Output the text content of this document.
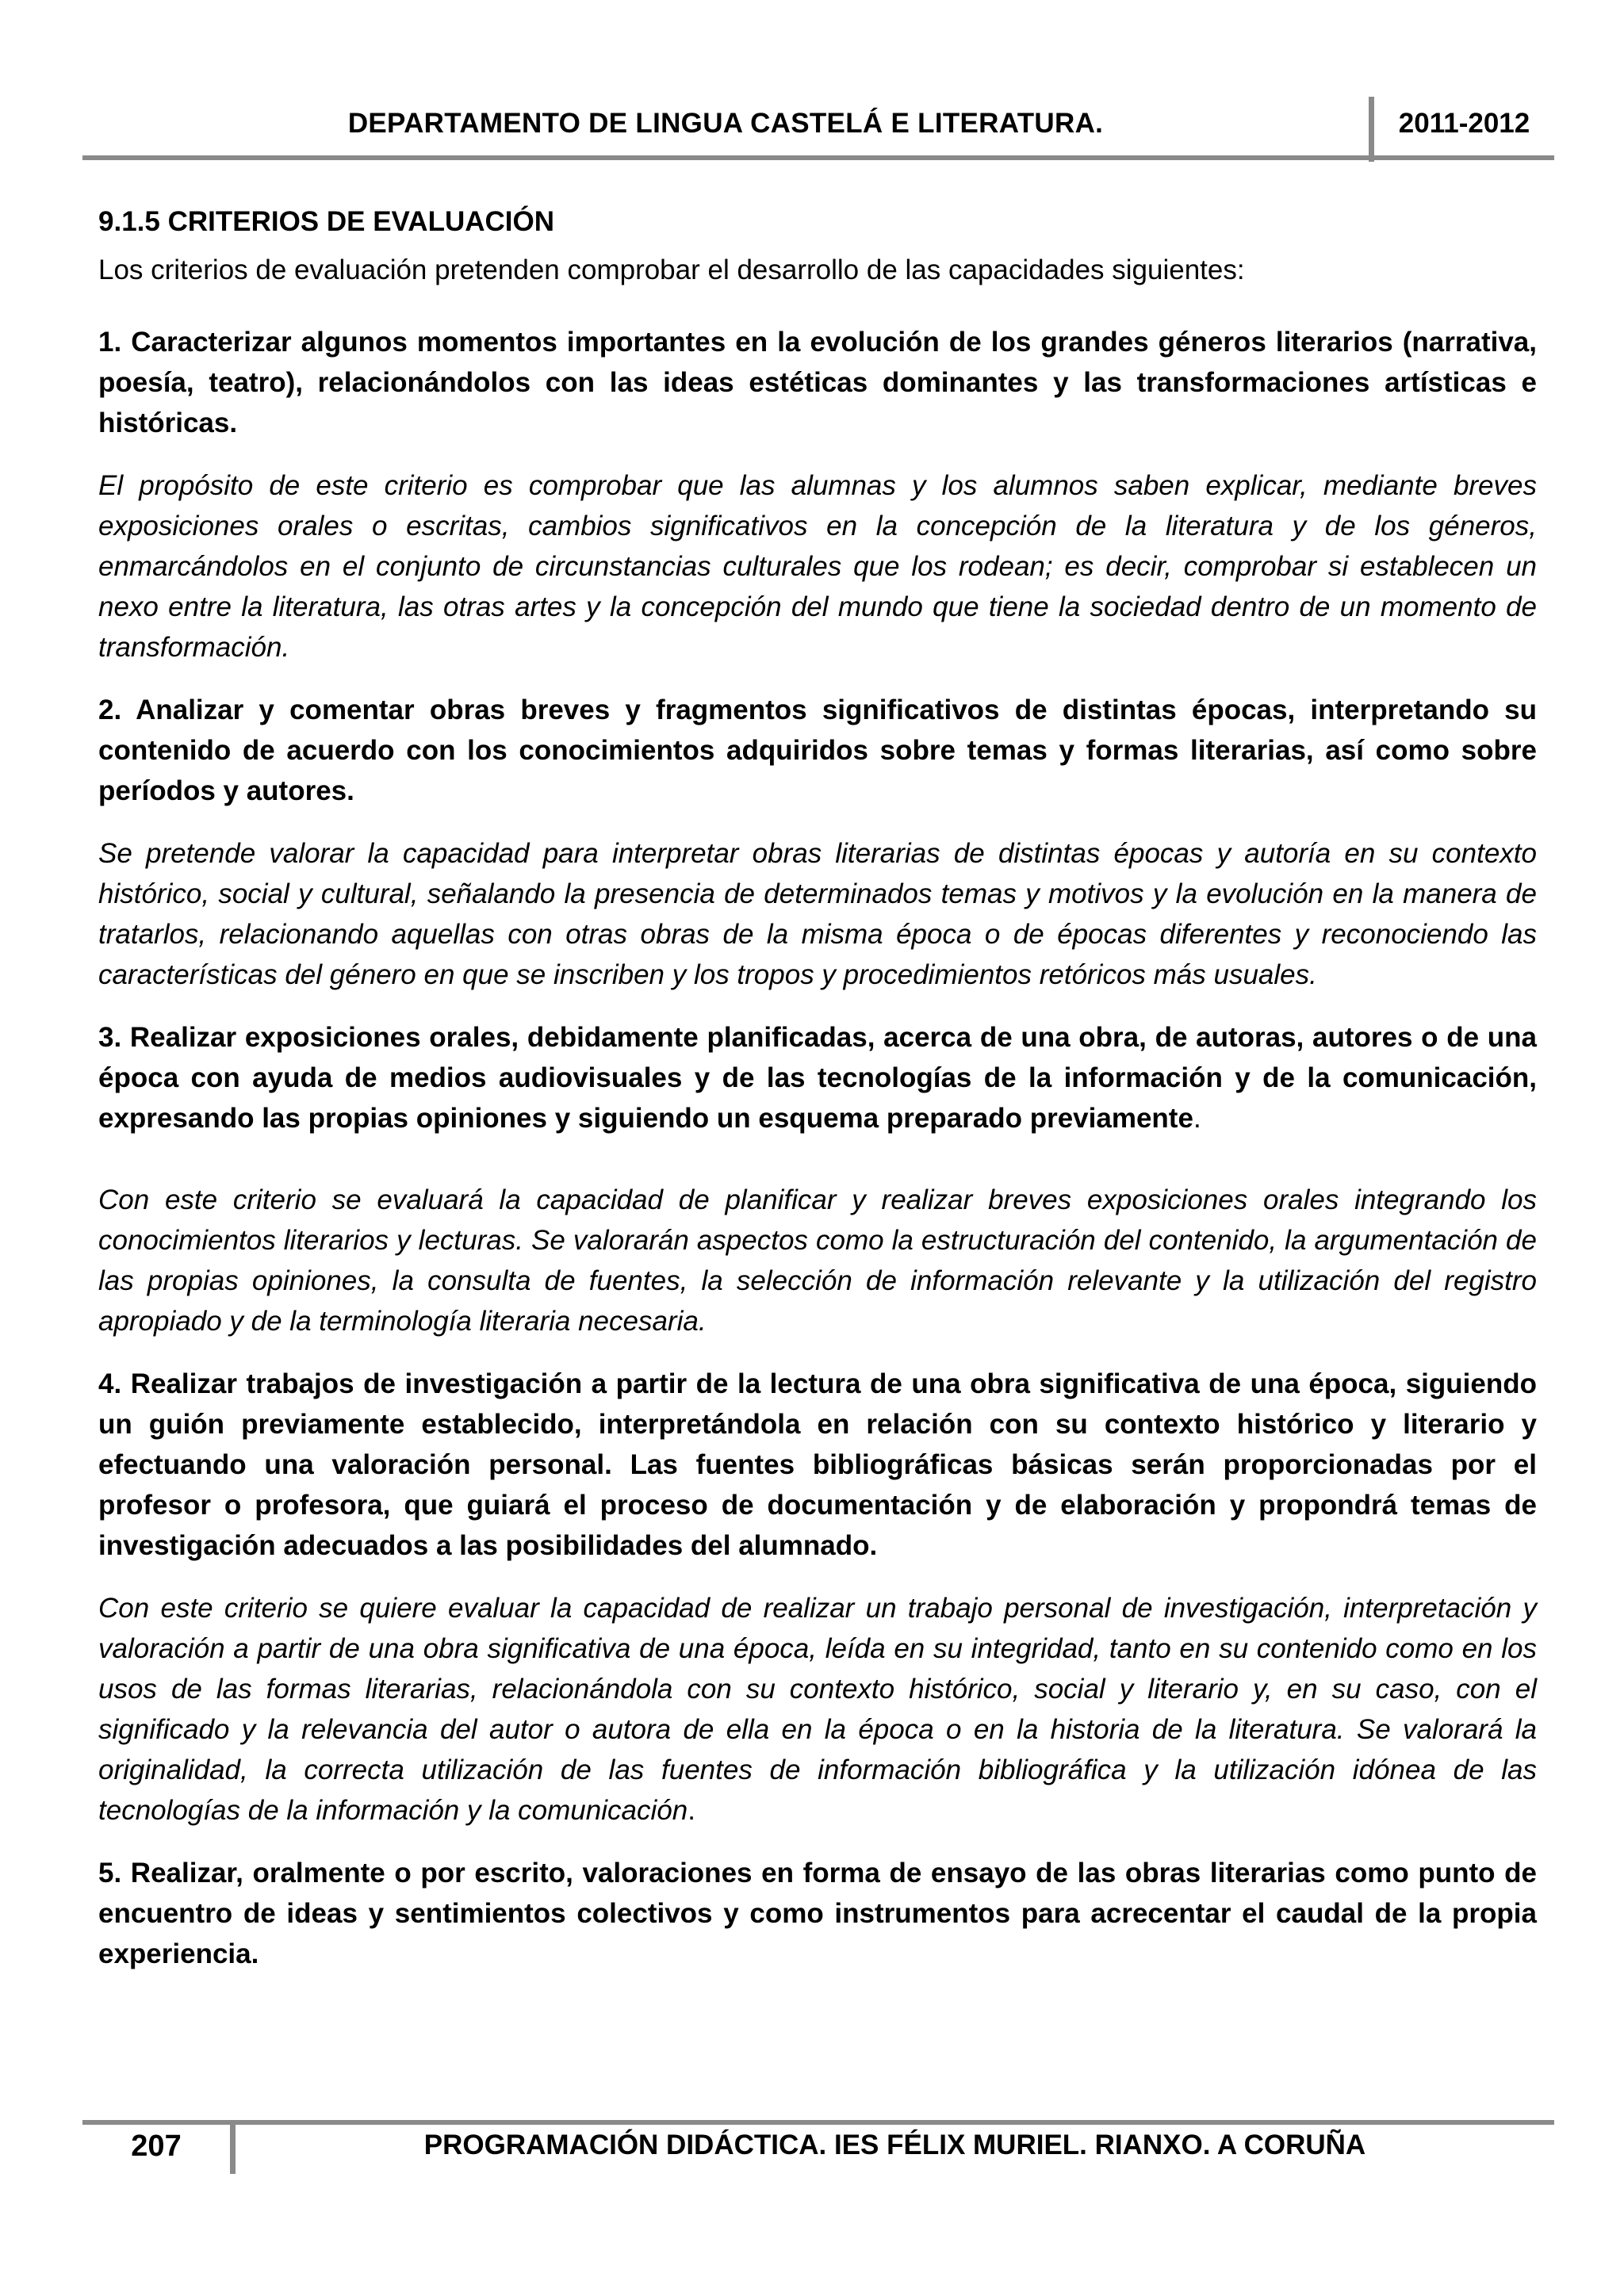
DEPARTAMENTO DE LINGUA CASTELÁ E LITERATURA.	2011-2012
9.1.5 CRITERIOS DE EVALUACIÓN

Los criterios de evaluación pretenden comprobar el desarrollo de las capacidades siguientes:

1. Caracterizar algunos momentos importantes en la evolución de los grandes géneros literarios (narrativa, poesía, teatro), relacionándolos con las ideas estéticas dominantes y las transformaciones artísticas e históricas.

El propósito de este criterio es comprobar que las alumnas y los alumnos saben explicar, mediante breves exposiciones orales o escritas, cambios significativos en la concepción de la literatura y de los géneros, enmarcándolos en el conjunto de circunstancias culturales que los rodean; es decir, comprobar si establecen un nexo entre la literatura, las otras artes y la concepción del mundo que tiene la sociedad dentro de un momento de transformación.

2. Analizar y comentar obras breves y fragmentos significativos de distintas épocas, interpretando su contenido de acuerdo con los conocimientos adquiridos sobre temas y formas literarias, así como sobre períodos y autores.

Se pretende valorar la capacidad para interpretar obras literarias de distintas épocas y autoría en su contexto histórico, social y cultural, señalando la presencia de determinados temas y motivos y la evolución en la manera de tratarlos, relacionando aquellas con otras obras de la misma época o de épocas diferentes y reconociendo las características del género en que se inscriben y los tropos y procedimientos retóricos más usuales.

3. Realizar exposiciones orales, debidamente planificadas, acerca de una obra, de autoras, autores o de una época con ayuda de medios audiovisuales y de las tecnologías de la información y de la comunicación, expresando las propias opiniones y siguiendo un esquema preparado previamente.

Con este criterio se evaluará la capacidad de planificar y realizar breves exposiciones orales integrando los conocimientos literarios y lecturas. Se valorarán aspectos como la estructuración del contenido, la argumentación de las propias opiniones, la consulta de fuentes, la selección de información relevante y la utilización del registro apropiado y de la terminología literaria necesaria.

4. Realizar trabajos de investigación a partir de la lectura de una obra significativa de una época, siguiendo un guión previamente establecido, interpretándola en relación con su contexto histórico y literario y efectuando una valoración personal. Las fuentes bibliográficas básicas serán proporcionadas por el profesor o profesora, que guiará el proceso de documentación y de elaboración y propondrá temas de investigación adecuados a las posibilidades del alumnado.

Con este criterio se quiere evaluar la capacidad de realizar un trabajo personal de investigación, interpretación y valoración a partir de una obra significativa de una época, leída en su integridad, tanto en su contenido como en los usos de las formas literarias, relacionándola con su contexto histórico, social y literario y, en su caso, con el significado y la relevancia del autor o autora de ella en la época o en la historia de la literatura. Se valorará la originalidad, la correcta utilización de las fuentes de información bibliográfica y la utilización idónea de las tecnologías de la información y la comunicación.

5. Realizar, oralmente o por escrito, valoraciones en forma de ensayo de las obras literarias como punto de encuentro de ideas y sentimientos colectivos y como instrumentos para acrecentar el caudal de la propia experiencia.

207	PROGRAMACIÓN DIDÁCTICA. IES FÉLIX MURIEL. RIANXO. A CORUÑA
